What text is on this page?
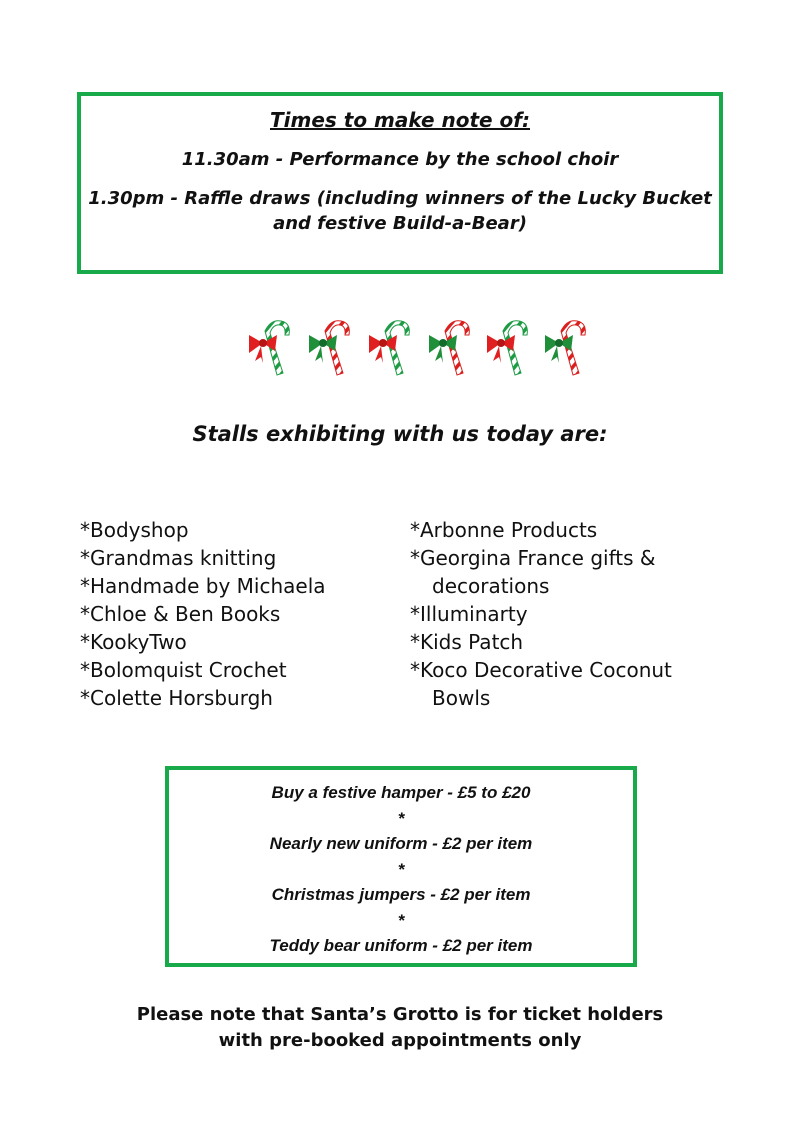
Times to make note of:
11.30am - Performance by the school choir
1.30pm - Raffle draws (including winners of the Lucky Bucket
and festive Build-a-Bear)
Stalls exhibiting with us today are:
*Bodyshop
*Grandmas knitting
*Handmade by Michaela
*Chloe & Ben Books
*KookyTwo
*Bolomquist Crochet
*Colette Horsburgh
*Arbonne Products
*Georgina France gifts &
decorations
*Illuminarty
*Kids Patch
*Koco Decorative Coconut
Bowls
Buy a festive hamper - £5 to £20
*
Nearly new uniform - £2 per item
*
Christmas jumpers - £2 per item
*
Teddy bear uniform - £2 per item
Please note that Santa’s Grotto is for ticket holders
with pre-booked appointments only
